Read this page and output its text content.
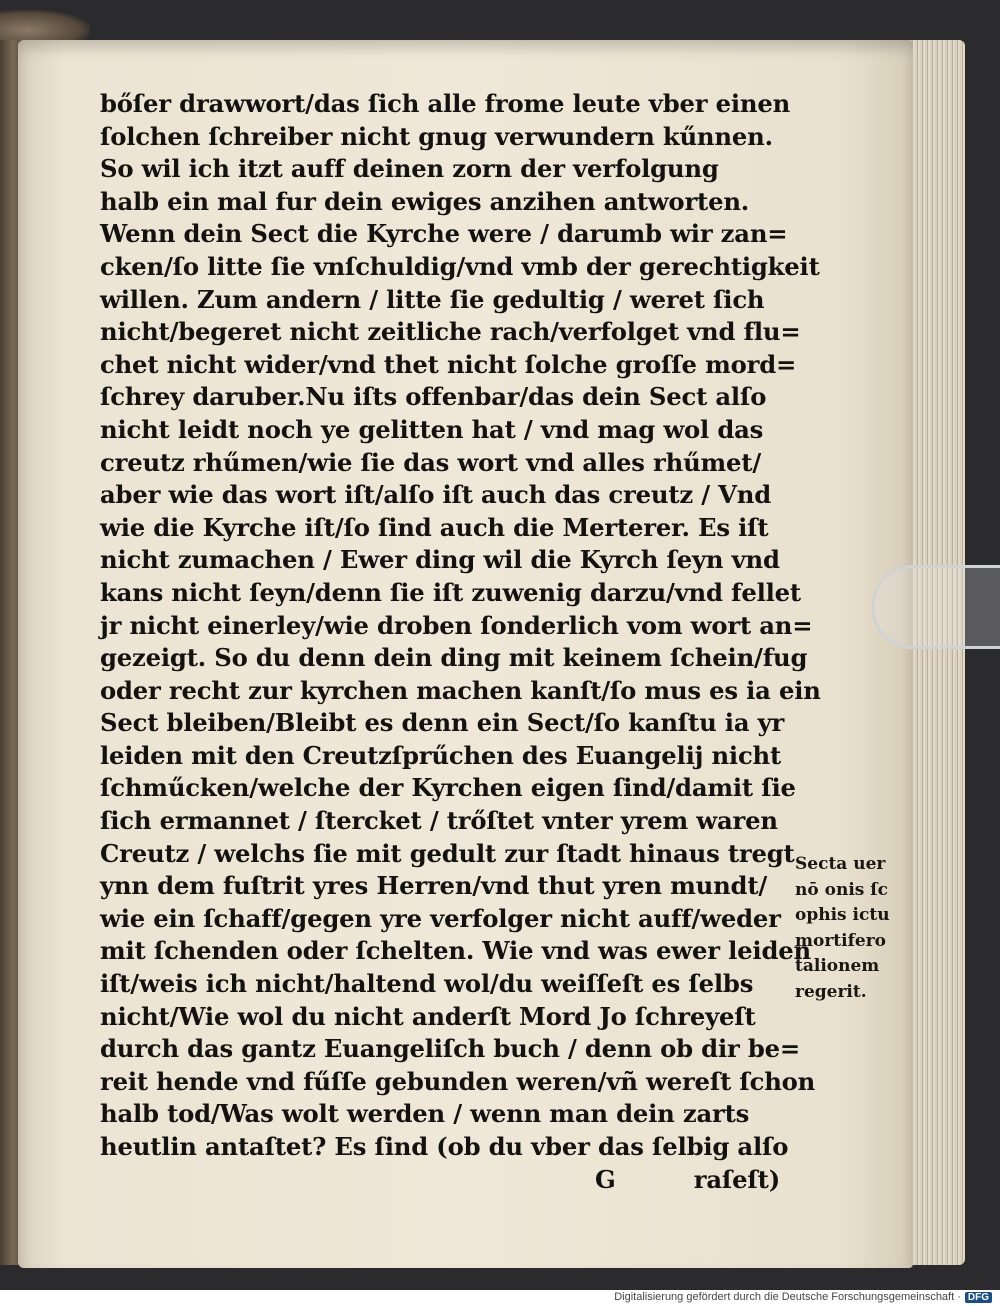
bőſer drawwort/das ſich alle frome leute vber einen
ſolchen ſchreiber nicht gnug verwundern kűnnen.
So wil ich itzt auff deinen zorn der verfolgung
halb ein mal fur dein ewiges anzihen antworten.
Wenn dein Sect die Kyrche were / darumb wir zan=
cken/ſo litte ſie vnſchuldig/vnd vmb der gerechtigkeit
willen. Zum andern / litte ſie gedultig / weret ſich
nicht/begeret nicht zeitliche rach/verfolget vnd flu=
chet nicht wider/vnd thet nicht ſolche groſſe mord=
ſchrey daruber.Nu iſts offenbar/das dein Sect alſo
nicht leidt noch ye gelitten hat / vnd mag wol das
creutz rhűmen/wie ſie das wort vnd alles rhűmet/
aber wie das wort iſt/alſo iſt auch das creutz / Vnd
wie die Kyrche iſt/ſo ſind auch die Merterer. Es iſt
nicht zumachen / Ewer ding wil die Kyrch ſeyn vnd
kans nicht ſeyn/denn ſie iſt zuwenig darzu/vnd fellet
jr nicht einerley/wie droben ſonderlich vom wort an=
gezeigt. So du denn dein ding mit keinem ſchein/fug
oder recht zur kyrchen machen kanſt/ſo mus es ia ein
Sect bleiben/Bleibt es denn ein Sect/ſo kanſtu ia yr
leiden mit den Creutzſprűchen des Euangelij nicht
ſchműcken/welche der Kyrchen eigen ſind/damit ſie
ſich ermannet / ſtercket / trőſtet vnter yrem waren
Creutz / welchs ſie mit gedult zur ſtadt hinaus tregt
ynn dem fuſtrit yres Herren/vnd thut yren mundt/
wie ein ſchaff/gegen yre verfolger nicht auff/weder
mit ſchenden oder ſchelten. Wie vnd was ewer leiden
iſt/weis ich nicht/haltend wol/du weiſſeſt es ſelbs
nicht/Wie wol du nicht anderſt Mord Jo ſchreyeſt
durch das gantz Euangeliſch buch / denn ob dir be=
reit hende vnd fűſſe gebunden weren/vñ wereſt ſchon
halb tod/Was wolt werden / wenn man dein zarts
heutlin antaſtet? Es ſind (ob du vber das ſelbig alſo
G	raſeſt)
Secta uer
nō onis ſc
ophis ictu
mortifero
talionem
regerit.
Digitalisierung gefördert durch die Deutsche Forschungsgemeinschaft · DFG
